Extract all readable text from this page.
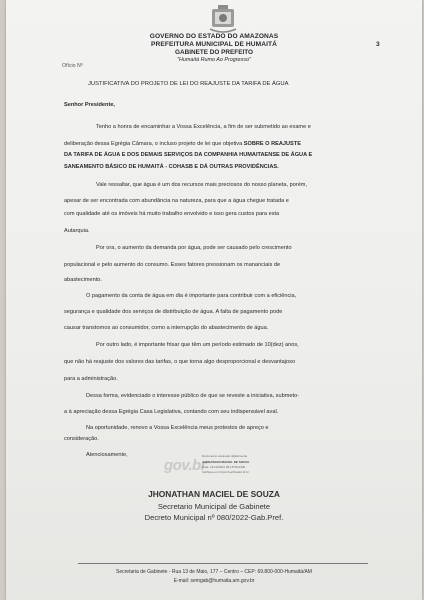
GOVERNO DO ESTADO DO AMAZONAS
PREFEITURA MUNICIPAL DE HUMAITÁ
GABINETE DO PREFEITO
"Humaitá Rumo Ao Progresso"
3
Ofício Nº
JUSTIFICATIVA DO PROJETO DE LEI DO REAJUSTE DA TARIFA DE ÁGUA
Senhor Presidente,
Tenho a honra de encaminhar a Vossa Excelência, a fim de ser submetido ao exame e
deliberação dessa Egrégia Câmara, o incluso projeto de lei que objetiva SOBRE O REAJUSTE
DA TARIFA DE ÁGUA E DOS DEMAIS SERVIÇOS DA COMPANHIA HUMAITAENSE DE ÁGUA E
SANEAMENTO BÁSICO DE HUMAITÁ - COHASB E DÁ OUTRAS PROVIDÊNCIAS.
Vale ressaltar, que água é um dos recursos mais preciosos do nosso planeta, porém,
apesar de ser encontrada com abundância na natureza, para que a água chegue tratada e
com qualidade até os imóveis há muito trabalho envolvido e isso gera custos para esta
Autarquia.
Por ora, o aumento da demanda por água, pode ser causado pelo crescimento
populacional e pelo aumento do consumo. Esses fatores pressionam os mananciais de
abastecimento.
O pagamento da conta de água em dia é importante para contribuir com a eficiência,
segurança e qualidade dos serviços de distribuição de água. A falta de pagamento pode
causar transtornos ao consumidor, como a interrupção do abastecimento de água.
Por outro lado, é importante frisar que têm um período estimado de 10(dez) anos,
que não há reajuste dos valores das tarifas, o que torna algo desproporcional e desvantajoso
para a administração.
Dessa forma, evidenciado o interesse público de que se reveste a iniciativa, submeto-
a à apreciação dessa Egrégia Casa Legislativa, contando com seu indispensável aval.
Na oportunidade, renovo a Vossa Excelência meus protestos de apreço e
consideração.
Atenciosamente,
gov.br
Documento assinado digitalmente
JHONATHAN MACIEL DE SOUZA
Data: 21/12/2022 09:18:56-0300
Verifique em https://verificador.iti.br
JHONATHAN MACIEL DE SOUZA
Secretario Municipal de Gabinete
Decreto Municipal nº 080/2022-Gab.Pref.
Secretaria de Gabinete - Rua 13 de Maio, 177 – Centro – CEP: 69.800-000-Humaitá/AM
E-mail: semgab@humaita.am.gov.br
